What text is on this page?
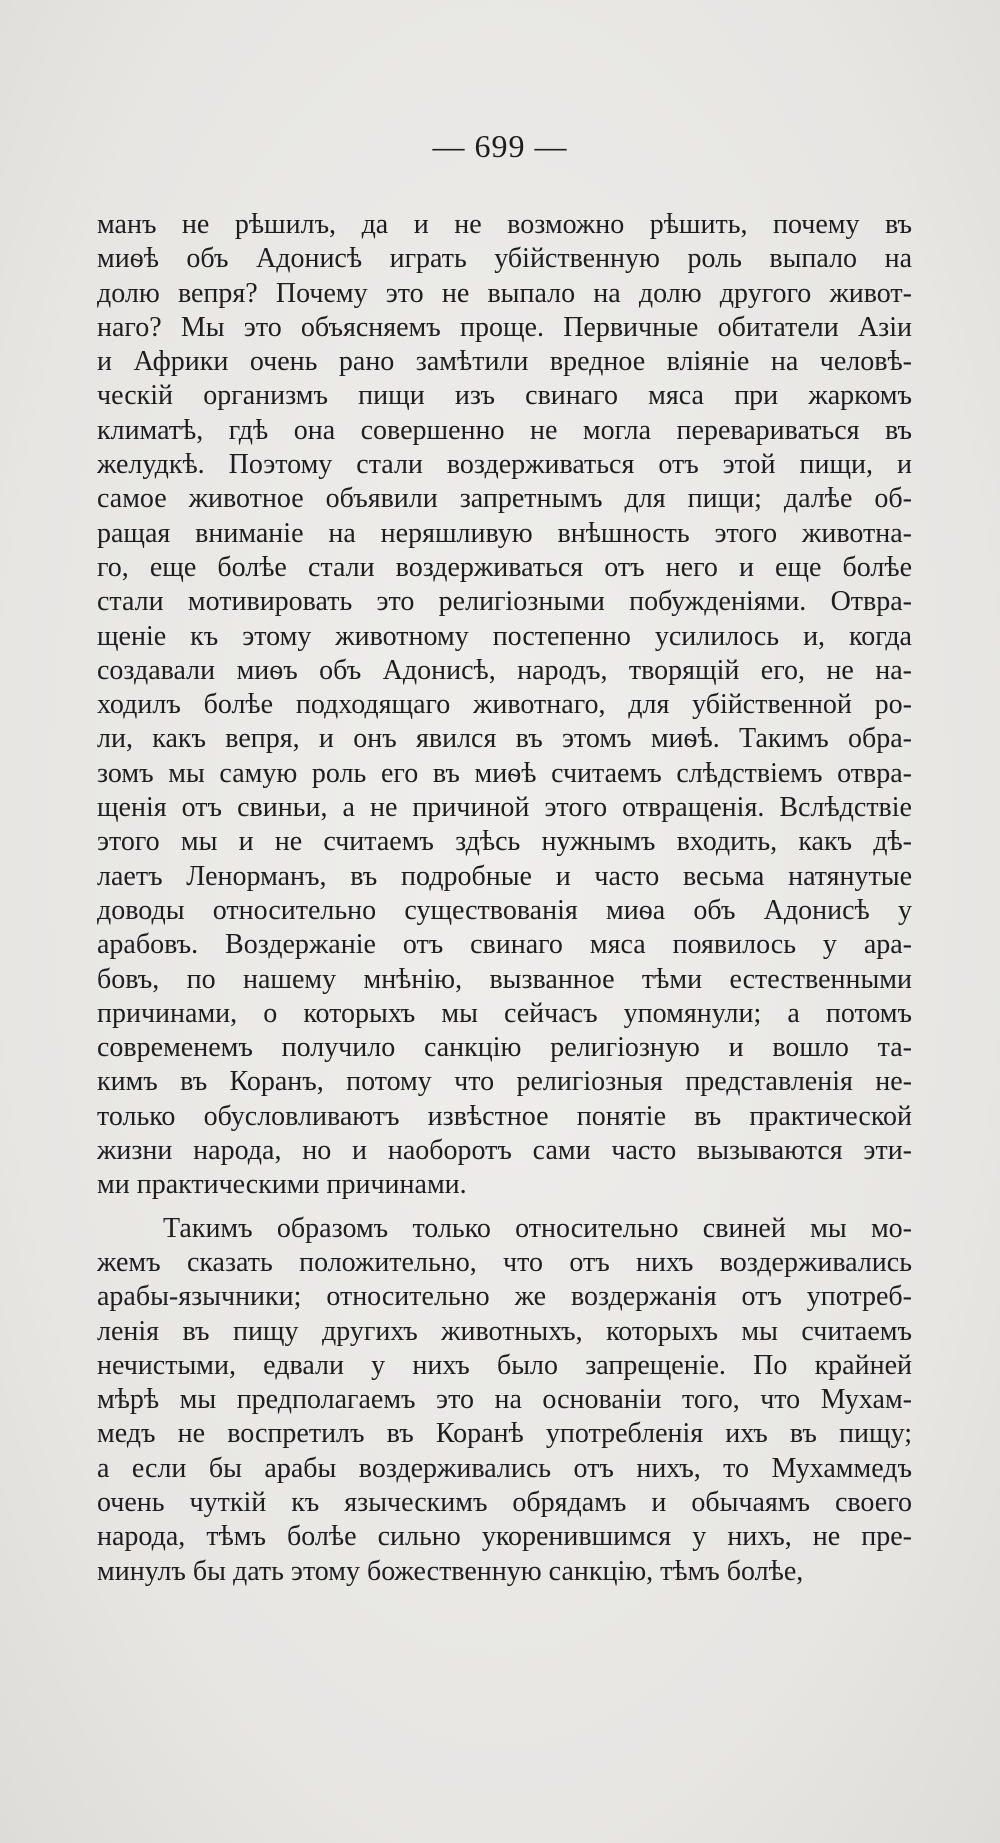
— 699 —
манъ не рѣшилъ, да и не возможно рѣшить, почему въ
миѳѣ объ Адонисѣ играть убійственную роль выпало на
долю вепря? Почему это не выпало на долю другого живот-
наго? Мы это объясняемъ проще. Первичные обитатели Азіи
и Африки очень рано замѣтили вредное вліяніе на человѣ-
ческій организмъ пищи изъ свинаго мяса при жаркомъ
климатѣ, гдѣ она совершенно не могла перевариваться въ
желудкѣ. Поэтому стали воздерживаться отъ этой пищи, и
самое животное объявили запретнымъ для пищи; далѣе об-
ращая вниманіе на неряшливую внѣшность этого животна-
го, еще болѣе стали воздерживаться отъ него и еще болѣе
стали мотивировать это религіозными побужденіями. Отвра-
щеніе къ этому животному постепенно усилилось и, когда
создавали миѳъ объ Адонисѣ, народъ, творящій его, не на-
ходилъ болѣе подходящаго животнаго, для убійственной ро-
ли, какъ вепря, и онъ явился въ этомъ миѳѣ. Такимъ обра-
зомъ мы самую роль его въ миѳѣ считаемъ слѣдствіемъ отвра-
щенія отъ свиньи, а не причиной этого отвращенія. Вслѣдствіе
этого мы и не считаемъ здѣсь нужнымъ входить, какъ дѣ-
лаетъ Ленорманъ, въ подробные и часто весьма натянутые
доводы относительно существованія миѳа объ Адонисѣ у
арабовъ. Воздержаніе отъ свинаго мяса появилось у ара-
бовъ, по нашему мнѣнію, вызванное тѣми естественными
причинами, о которыхъ мы сейчасъ упомянули; а потомъ
современемъ получило санкцію религіозную и вошло та-
кимъ въ Коранъ, потому что религіозныя представленія не-
только обусловливаютъ извѣстное понятіе въ практической
жизни народа, но и наоборотъ сами часто вызываются эти-
ми практическими причинами.
Такимъ образомъ только относительно свиней мы мо-
жемъ сказать положительно, что отъ нихъ воздерживались
арабы-язычники; относительно же воздержанія отъ употреб-
ленія въ пищу другихъ животныхъ, которыхъ мы считаемъ
нечистыми, едвали у нихъ было запрещеніе. По крайней
мѣрѣ мы предполагаемъ это на основаніи того, что Мухам-
медъ не воспретилъ въ Коранѣ употребленія ихъ въ пищу;
а если бы арабы воздерживались отъ нихъ, то Мухаммедъ
очень чуткій къ языческимъ обрядамъ и обычаямъ своего
народа, тѣмъ болѣе сильно укоренившимся у нихъ, не пре-
минулъ бы дать этому божественную санкцію, тѣмъ болѣе,
